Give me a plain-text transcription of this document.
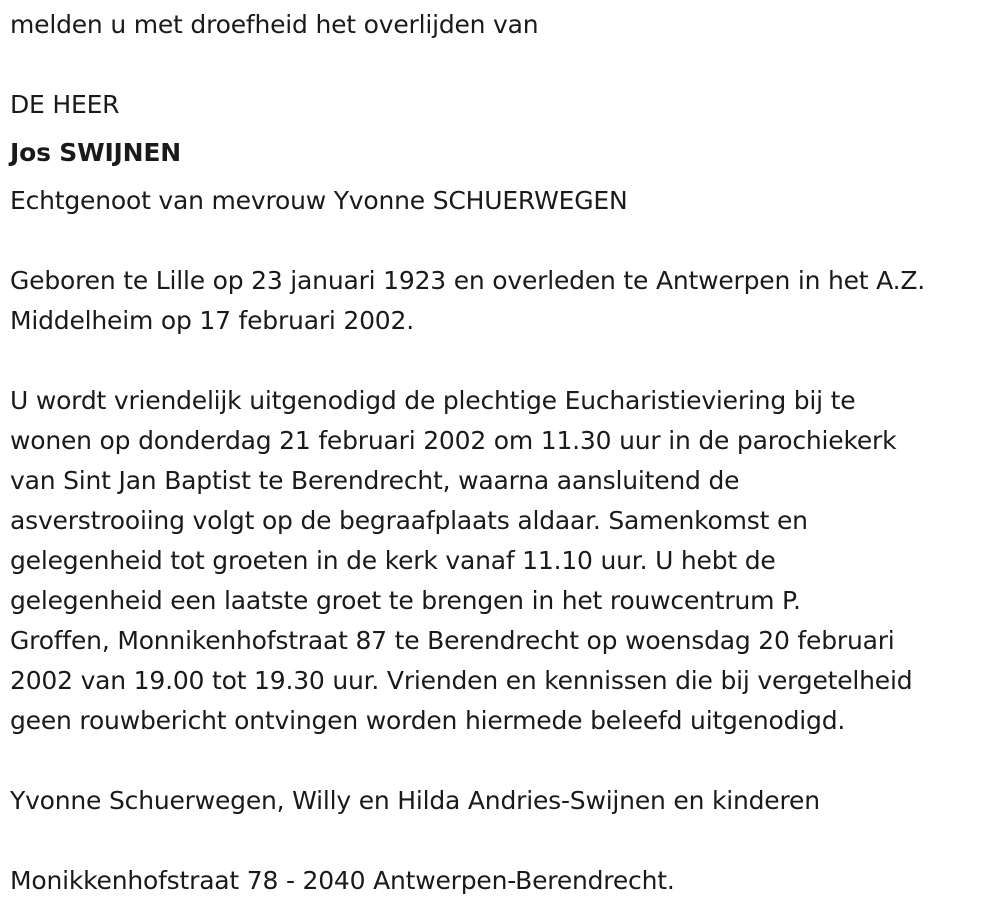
melden u met droefheid het overlijden van

DE HEER

Jos SWIJNEN

Echtgenoot van mevrouw Yvonne SCHUERWEGEN

Geboren te Lille op 23 januari 1923 en overleden te Antwerpen in het A.Z.

Middelheim op 17 februari 2002.

U wordt vriendelijk uitgenodigd de plechtige Eucharistieviering bij te

wonen op donderdag 21 februari 2002 om 11.30 uur in de parochiekerk

van Sint Jan Baptist te Berendrecht, waarna aansluitend de

asverstrooiing volgt op de begraafplaats aldaar. Samenkomst en

gelegenheid tot groeten in de kerk vanaf 11.10 uur. U hebt de

gelegenheid een laatste groet te brengen in het rouwcentrum P.

Groffen, Monnikenhofstraat 87 te Berendrecht op woensdag 20 februari

2002 van 19.00 tot 19.30 uur. Vrienden en kennissen die bij vergetelheid

geen rouwbericht ontvingen worden hiermede beleefd uitgenodigd.

Yvonne Schuerwegen, Willy en Hilda Andries-Swijnen en kinderen

Monikkenhofstraat 78 - 2040 Antwerpen-Berendrecht.
